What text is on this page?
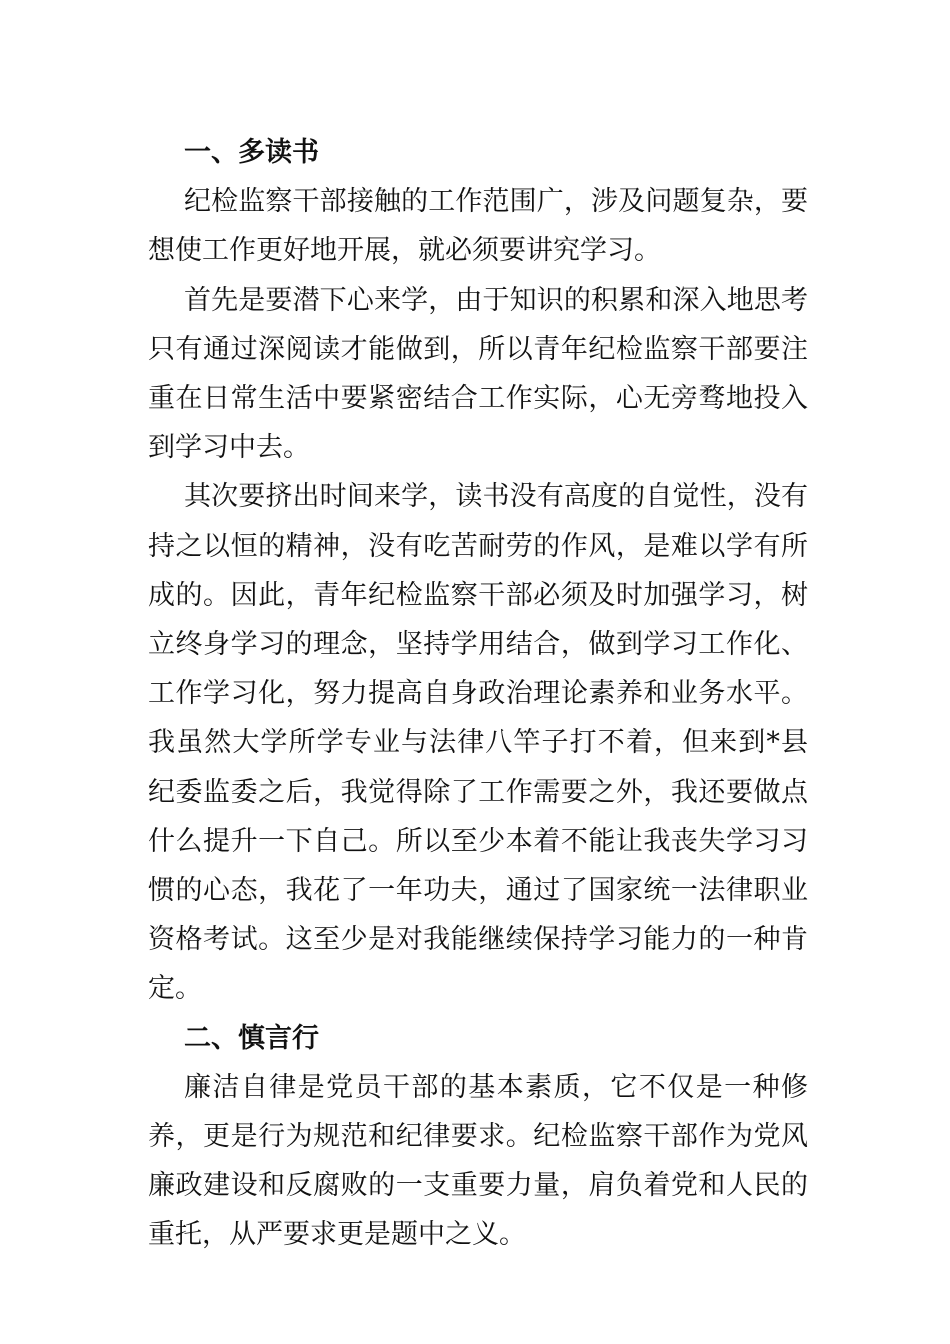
一、多读书

纪检监察干部接触的工作范围广，涉及问题复杂，要想使工作更好地开展，就必须要讲究学习。

首先是要潜下心来学，由于知识的积累和深入地思考只有通过深阅读才能做到，所以青年纪检监察干部要注重在日常生活中要紧密结合工作实际，心无旁骛地投入到学习中去。

其次要挤出时间来学，读书没有高度的自觉性，没有持之以恒的精神，没有吃苦耐劳的作风，是难以学有所成的。因此，青年纪检监察干部必须及时加强学习，树立终身学习的理念，坚持学用结合，做到学习工作化、工作学习化，努力提高自身政治理论素养和业务水平。我虽然大学所学专业与法律八竿子打不着，但来到*县纪委监委之后，我觉得除了工作需要之外，我还要做点什么提升一下自己。所以至少本着不能让我丧失学习习惯的心态，我花了一年功夫，通过了国家统一法律职业资格考试。这至少是对我能继续保持学习能力的一种肯定。

二、慎言行

廉洁自律是党员干部的基本素质，它不仅是一种修养，更是行为规范和纪律要求。纪检监察干部作为党风廉政建设和反腐败的一支重要力量，肩负着党和人民的重托，从严要求更是题中之义。
